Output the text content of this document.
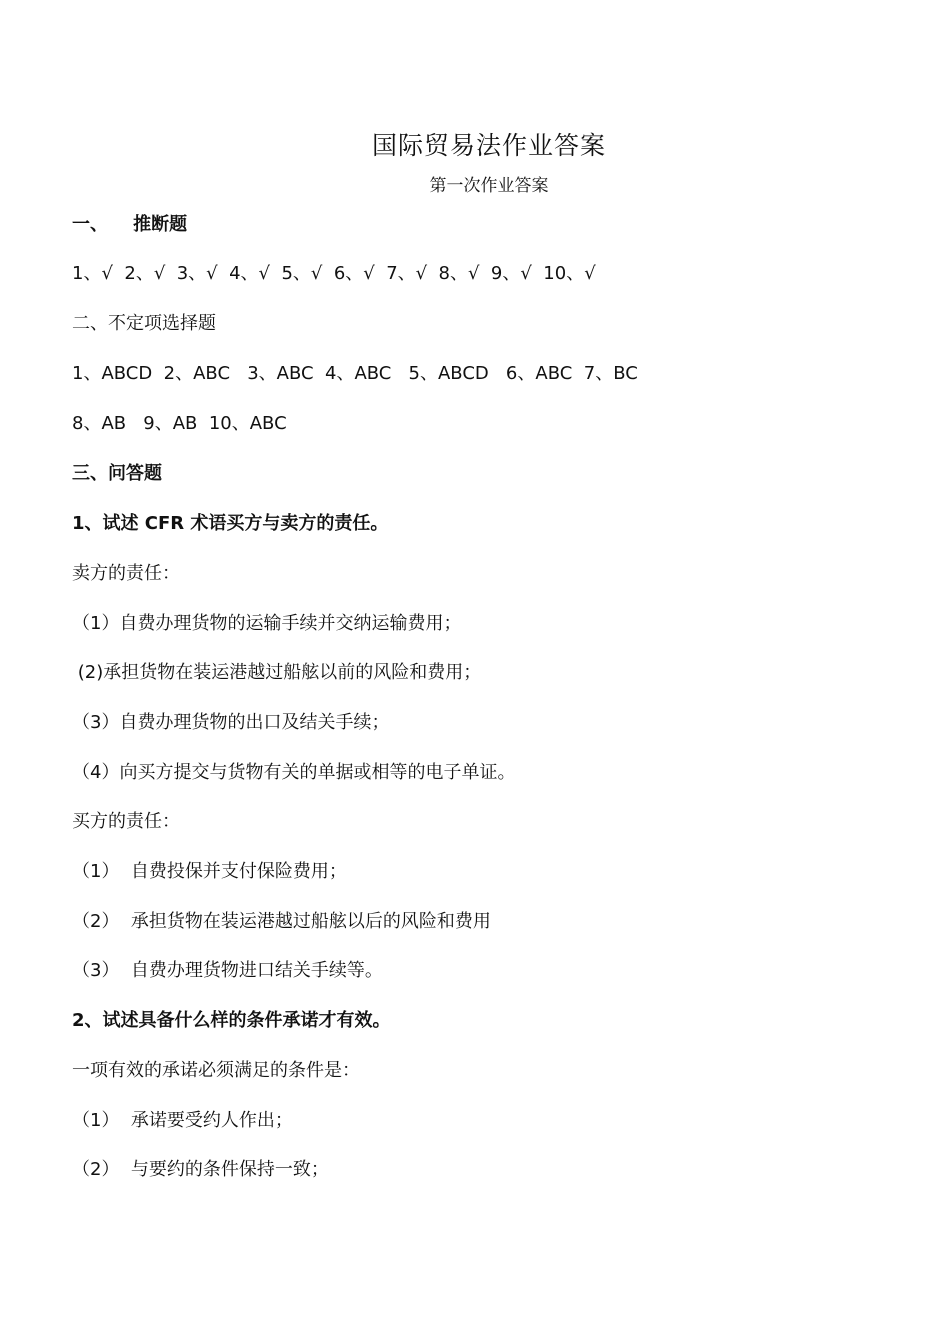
国际贸易法作业答案
第一次作业答案
一、    推断题
1、√  2、√  3、√  4、√  5、√  6、√  7、√  8、√  9、√  10、√
二、不定项选择题
1、ABCD  2、ABC   3、ABC  4、ABC   5、ABCD   6、ABC  7、BC
8、AB   9、AB  10、ABC
三、问答题
1、试述 CFR 术语买方与卖方的责任。
卖方的责任：
（1）自费办理货物的运输手续并交纳运输费用；
(2)承担货物在装运港越过船舷以前的风险和费用；
（3）自费办理货物的出口及结关手续；
（4）向买方提交与货物有关的单据或相等的电子单证。
买方的责任：
（1）  自费投保并支付保险费用；
（2）  承担货物在装运港越过船舷以后的风险和费用
（3）  自费办理货物进口结关手续等。
2、试述具备什么样的条件承诺才有效。
一项有效的承诺必须满足的条件是：
（1）  承诺要受约人作出；
（2）  与要约的条件保持一致；
